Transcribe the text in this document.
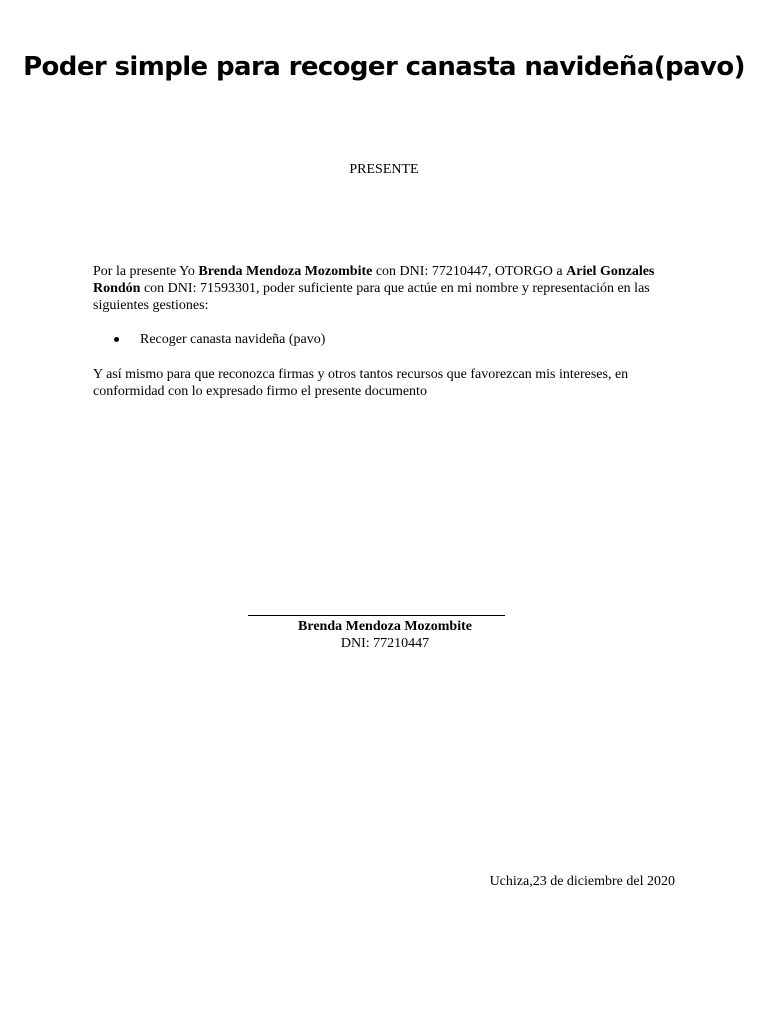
Poder simple para recoger canasta navideña(pavo)
PRESENTE

Por la presente Yo Brenda Mendoza Mozombite con DNI: 77210447, OTORGO a Ariel Gonzales Rondón con DNI: 71593301, poder suficiente para que actúe en mi nombre y representación en las siguientes gestiones:

Recoger canasta navideña (pavo)

Y así mismo para que reconozca firmas y otros tantos recursos que favorezcan mis intereses, en conformidad con lo expresado firmo el presente documento

Brenda Mendoza Mozombite
DNI: 77210447
Uchiza,23 de diciembre del 2020
